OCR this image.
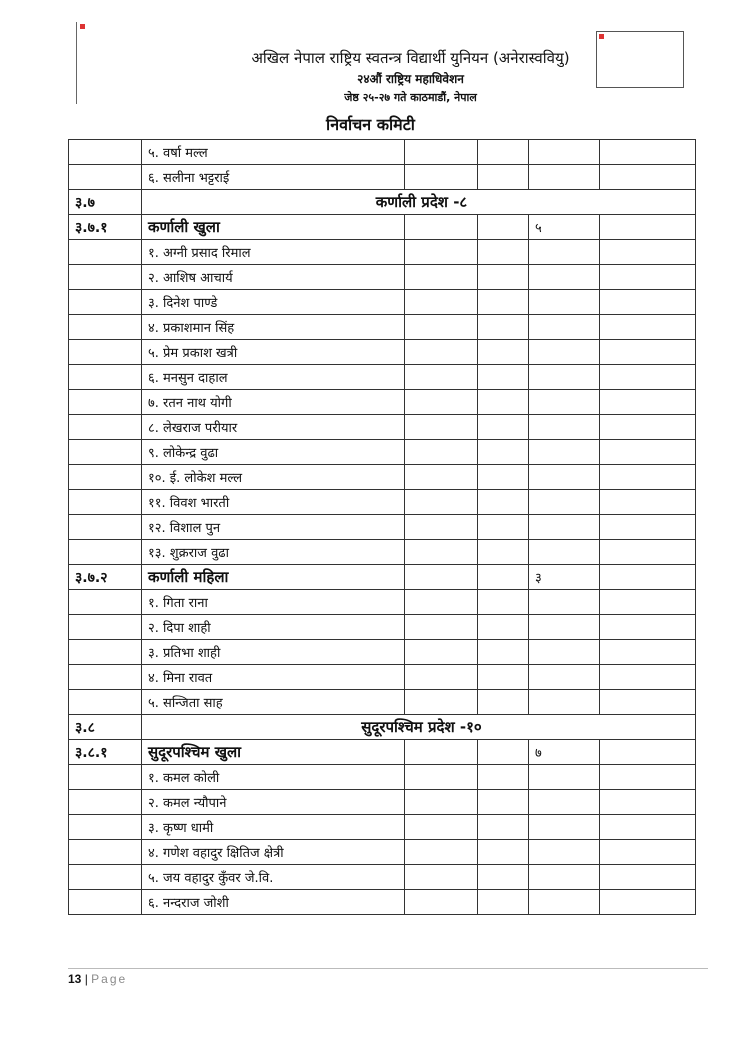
अखिल नेपाल राष्ट्रिय स्वतन्त्र विद्यार्थी युनियन (अनेरास्ववियु)
२४औं राष्ट्रिय महाधिवेशन
जेष्ठ २५-२७ गते काठमाडौं, नेपाल
निर्वाचन कमिटी
	५. वर्षा मल्ल				
	६. सलीना भट्टराई				
३.७	कर्णाली प्रदेश -८				
३.७.१	कर्णाली खुला			५	
	१. अग्नी प्रसाद रिमाल				
	२. आशिष आचार्य				
	३. दिनेश पाण्डे				
	४. प्रकाशमान सिंह				
	५. प्रेम प्रकाश खत्री				
	६. मनसुन दाहाल				
	७. रतन नाथ योगी				
	८. लेखराज परीयार				
	९. लोकेन्द्र वुढा				
	१०. ई. लोकेश मल्ल				
	११. विवश भारती				
	१२. विशाल पुन				
	१३. शुक्रराज वुढा				
३.७.२	कर्णाली महिला			३	
	१. गिता राना				
	२. दिपा शाही				
	३. प्रतिभा शाही				
	४. मिना रावत				
	५. सन्जिता साह				
३.८	सुदूरपश्चिम प्रदेश -१०				
३.८.१	सुदूरपश्चिम खुला			७	
	१. कमल कोली				
	२. कमल न्यौपाने				
	३. कृष्ण धामी				
	४. गणेश वहादुर क्षितिज क्षेत्री				
	५. जय वहादुर कुँवर जे.वि.				
	६. नन्दराज जोशी				
13 | Page
